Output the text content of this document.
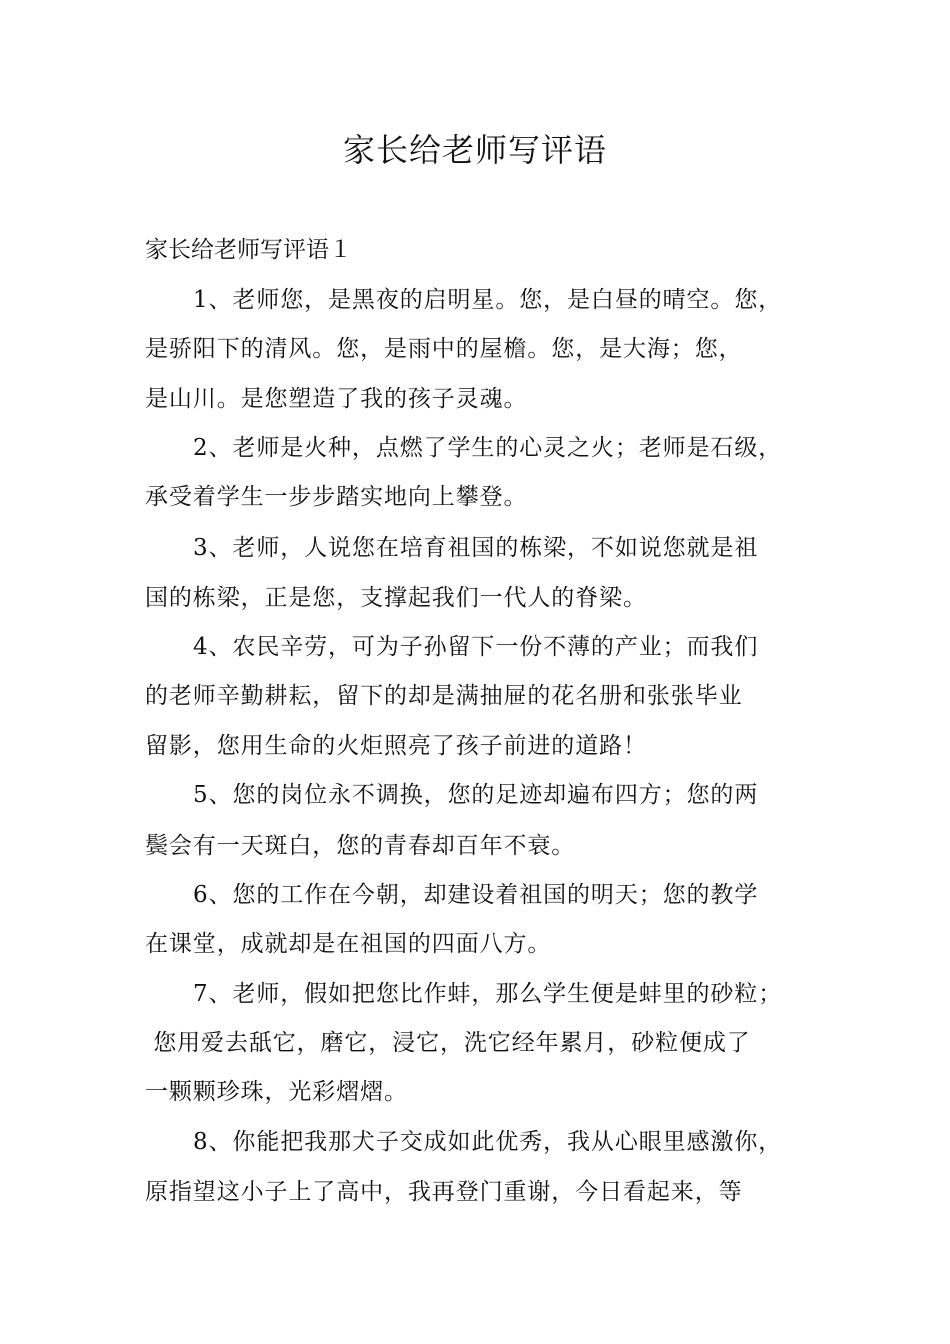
家长给老师写评语
家长给老师写评语１
1、老师您，是黑夜的启明星。您，是白昼的晴空。您，
是骄阳下的清风。您，是雨中的屋檐。您，是大海；您，
是山川。是您塑造了我的孩子灵魂。
2、老师是火种，点燃了学生的心灵之火；老师是石级，
承受着学生一步步踏实地向上攀登。
3、老师，人说您在培育祖国的栋梁，不如说您就是祖
国的栋梁，正是您，支撑起我们一代人的脊梁。
4、农民辛劳，可为子孙留下一份不薄的产业；而我们
的老师辛勤耕耘，留下的却是满抽屉的花名册和张张毕业
留影，您用生命的火炬照亮了孩子前进的道路！
5、您的岗位永不调换，您的足迹却遍布四方；您的两
鬓会有一天斑白，您的青春却百年不衰。
6、您的工作在今朝，却建设着祖国的明天；您的教学
在课堂，成就却是在祖国的四面八方。
7、老师，假如把您比作蚌，那么学生便是蚌里的砂粒；
您用爱去舐它，磨它，浸它，洗它经年累月，砂粒便成了
一颗颗珍珠，光彩熠熠。
8、你能把我那犬子交成如此优秀，我从心眼里感激你，
原指望这小子上了高中，我再登门重谢，今日看起来，等
